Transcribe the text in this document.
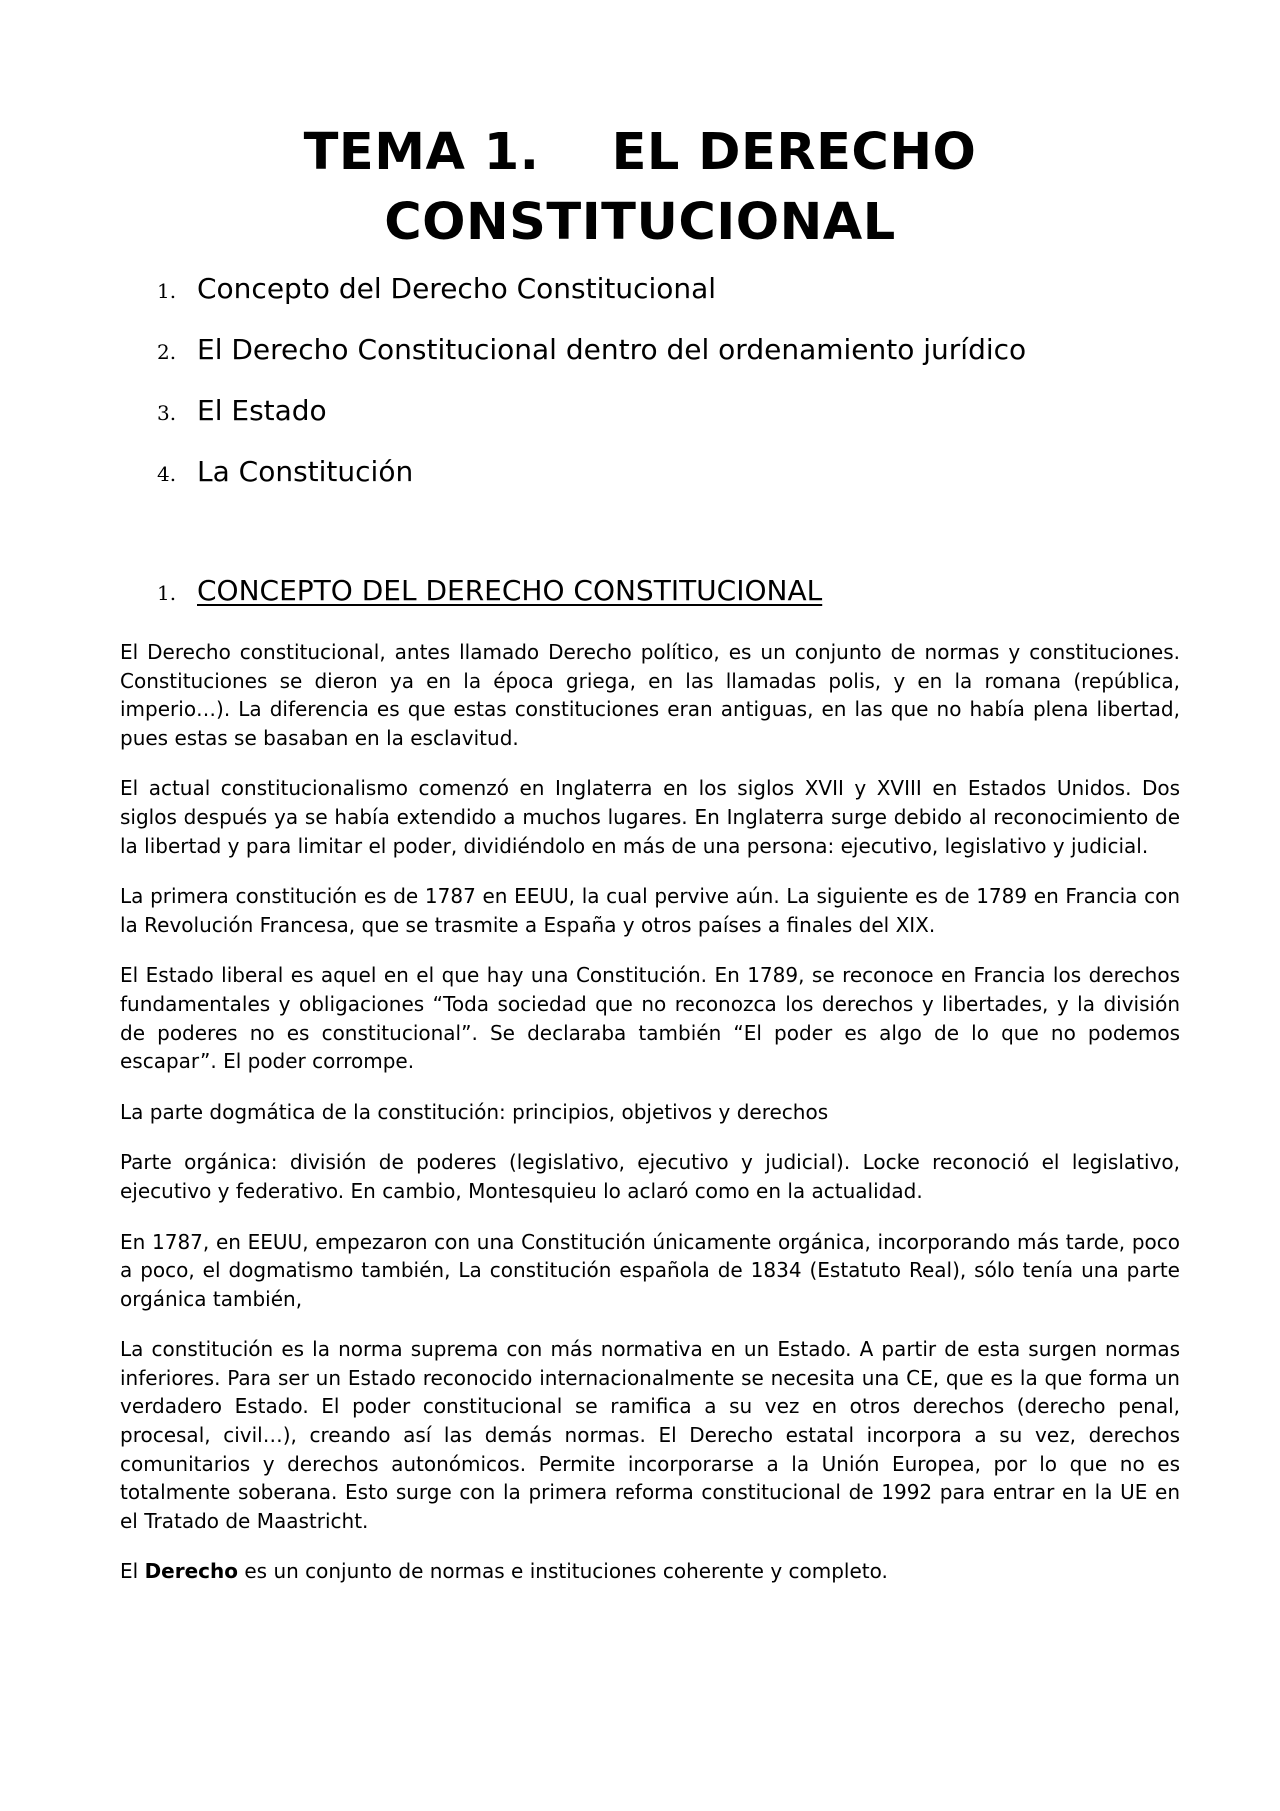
TEMA 1. EL DERECHO
CONSTITUCIONAL
1. Concepto del Derecho Constitucional
2. El Derecho Constitucional dentro del ordenamiento jurídico
3. El Estado
4. La Constitución
1. CONCEPTO DEL DERECHO CONSTITUCIONAL

El Derecho constitucional, antes llamado Derecho político, es un conjunto de normas y constituciones. Constituciones se dieron ya en la época griega, en las llamadas polis, y en la romana (república, imperio…). La diferencia es que estas constituciones eran antiguas, en las que no había plena libertad, pues estas se basaban en la esclavitud.

El actual constitucionalismo comenzó en Inglaterra en los siglos XVII y XVIII en Estados Unidos. Dos siglos después ya se había extendido a muchos lugares. En Inglaterra surge debido al reconocimiento de la libertad y para limitar el poder, dividiéndolo en más de una persona: ejecutivo, legislativo y judicial.

La primera constitución es de 1787 en EEUU, la cual pervive aún. La siguiente es de 1789 en Francia con la Revolución Francesa, que se trasmite a España y otros países a finales del XIX.

El Estado liberal es aquel en el que hay una Constitución. En 1789, se reconoce en Francia los derechos fundamentales y obligaciones “Toda sociedad que no reconozca los derechos y libertades, y la división de poderes no es constitucional”. Se declaraba también “El poder es algo de lo que no podemos escapar”. El poder corrompe.

La parte dogmática de la constitución: principios, objetivos y derechos

Parte orgánica: división de poderes (legislativo, ejecutivo y judicial). Locke reconoció el legislativo, ejecutivo y federativo. En cambio, Montesquieu lo aclaró como en la actualidad.

En 1787, en EEUU, empezaron con una Constitución únicamente orgánica, incorporando más tarde, poco a poco, el dogmatismo también, La constitución española de 1834 (Estatuto Real), sólo tenía una parte orgánica también,

La constitución es la norma suprema con más normativa en un Estado. A partir de esta surgen normas inferiores. Para ser un Estado reconocido internacionalmente se necesita una CE, que es la que forma un verdadero Estado. El poder constitucional se ramifica a su vez en otros derechos (derecho penal, procesal, civil…), creando así las demás normas. El Derecho estatal incorpora a su vez, derechos comunitarios y derechos autonómicos. Permite incorporarse a la Unión Europea, por lo que no es totalmente soberana. Esto surge con la primera reforma constitucional de 1992 para entrar en la UE en el Tratado de Maastricht.

El Derecho es un conjunto de normas e instituciones coherente y completo.
